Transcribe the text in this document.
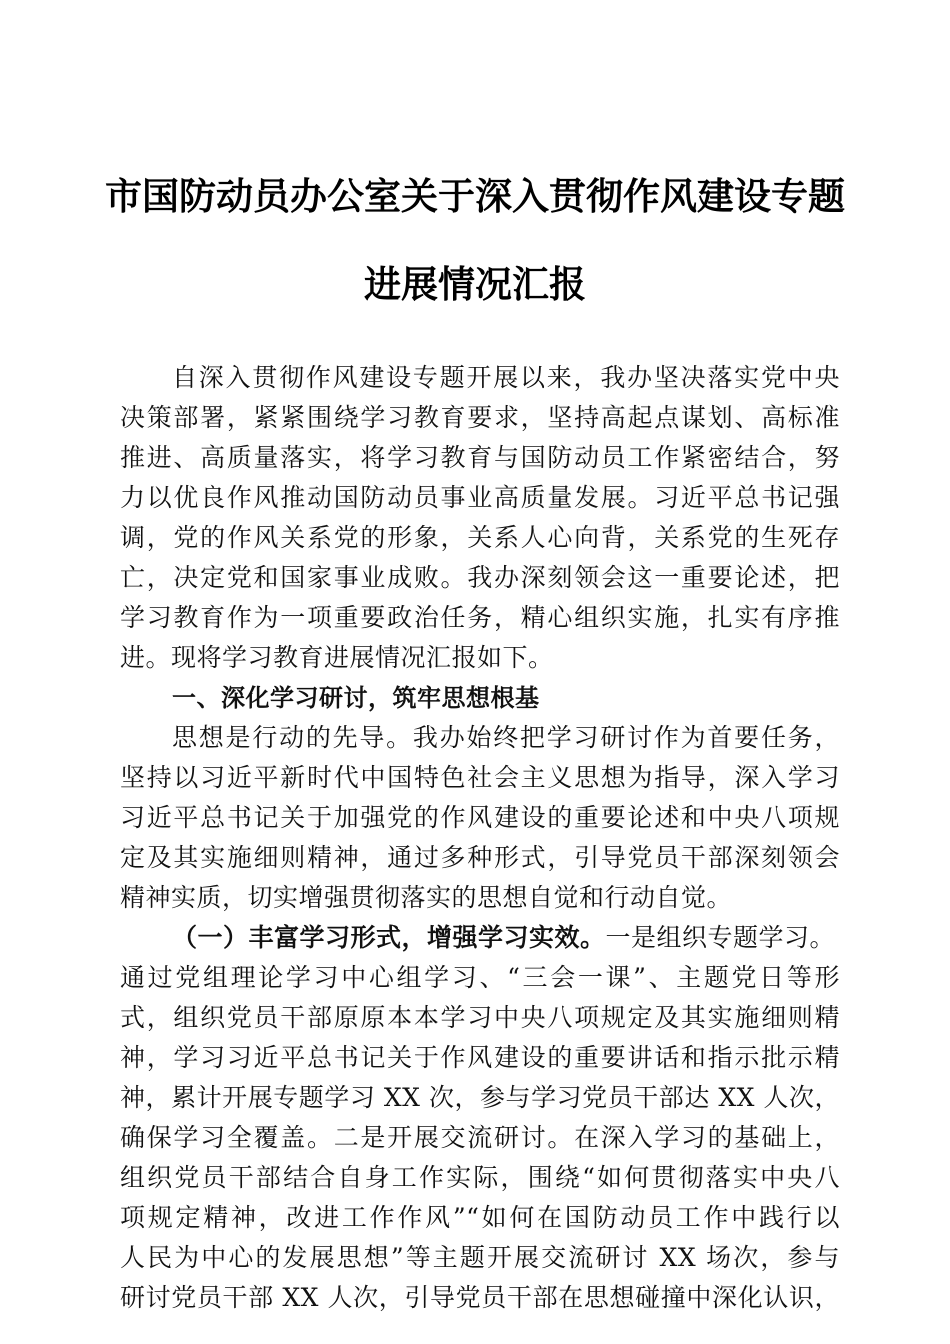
市国防动员办公室关于深入贯彻作风建设专题
进展情况汇报
自深入贯彻作风建设专题开展以来，我办坚决落实党中央
决策部署，紧紧围绕学习教育要求，坚持高起点谋划、高标准
推进、高质量落实，将学习教育与国防动员工作紧密结合，努
力以优良作风推动国防动员事业高质量发展。习近平总书记强
调，党的作风关系党的形象，关系人心向背，关系党的生死存
亡，决定党和国家事业成败。我办深刻领会这一重要论述，把
学习教育作为一项重要政治任务，精心组织实施，扎实有序推
进。现将学习教育进展情况汇报如下。
一、深化学习研讨，筑牢思想根基
思想是行动的先导。我办始终把学习研讨作为首要任务，
坚持以习近平新时代中国特色社会主义思想为指导，深入学习
习近平总书记关于加强党的作风建设的重要论述和中央八项规
定及其实施细则精神，通过多种形式，引导党员干部深刻领会
精神实质，切实增强贯彻落实的思想自觉和行动自觉。
（一）丰富学习形式，增强学习实效。一是组织专题学习。
通过党组理论学习中心组学习、“三会一课”、主题党日等形
式，组织党员干部原原本本学习中央八项规定及其实施细则精
神，学习习近平总书记关于作风建设的重要讲话和指示批示精
神，累计开展专题学习 XX 次，参与学习党员干部达 XX 人次，
确保学习全覆盖。二是开展交流研讨。在深入学习的基础上，
组织党员干部结合自身工作实际，围绕“如何贯彻落实中央八
项规定精神，改进工作作风”“如何在国防动员工作中践行以
人民为中心的发展思想”等主题开展交流研讨 XX 场次，参与
研讨党员干部 XX 人次，引导党员干部在思想碰撞中深化认识，
